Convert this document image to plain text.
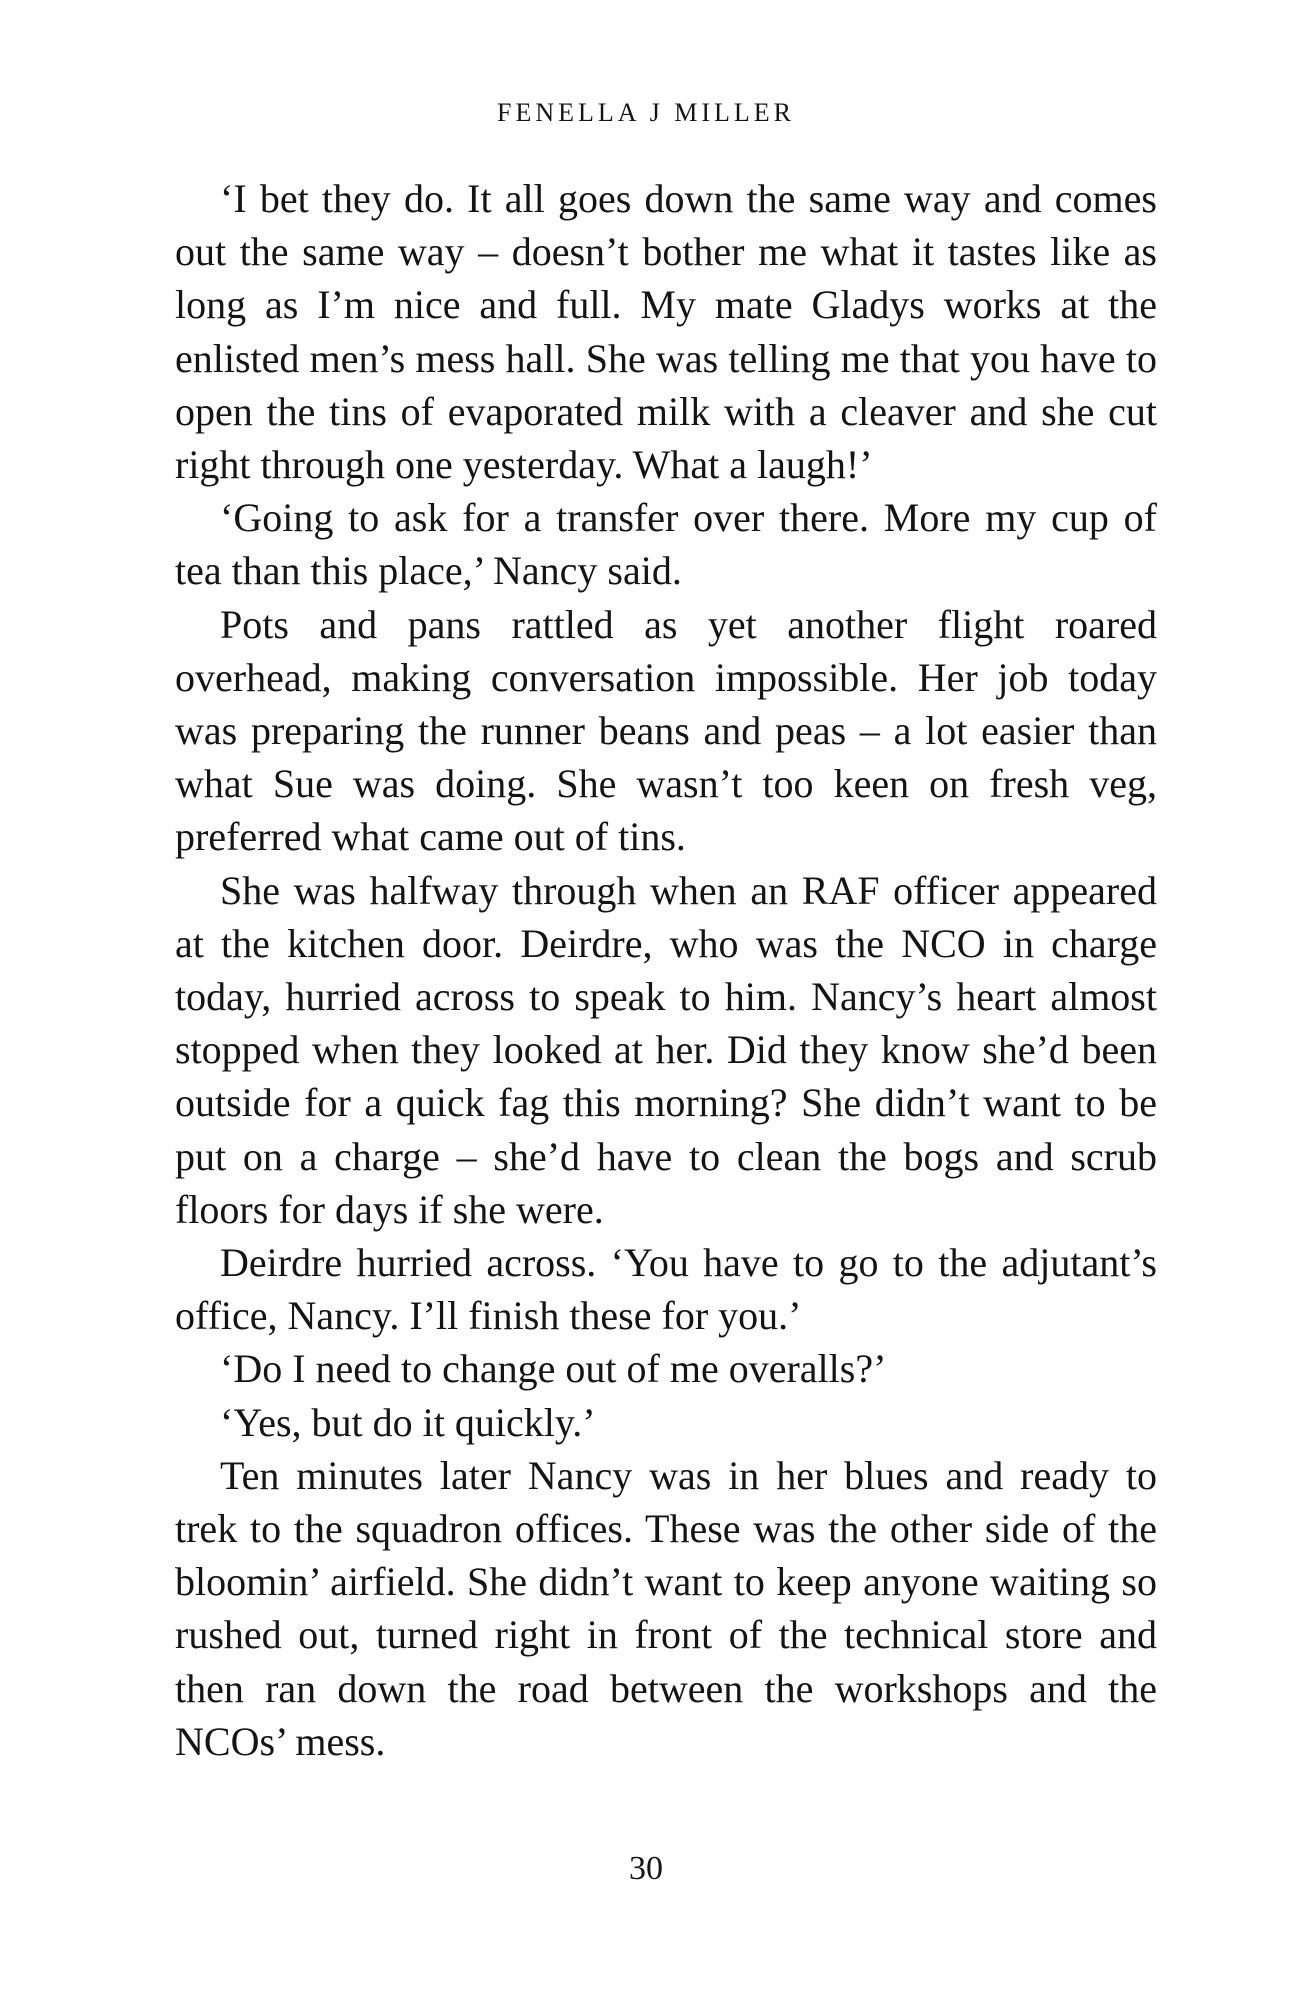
FENELLA J MILLER

‘I bet they do. It all goes down the same way and comes out the same way – doesn’t bother me what it tastes like as long as I’m nice and full. My mate Gladys works at the enlisted men’s mess hall. She was telling me that you have to open the tins of evaporated milk with a cleaver and she cut right through one yesterday. What a laugh!’

‘Going to ask for a transfer over there. More my cup of tea than this place,’ Nancy said.

Pots and pans rattled as yet another flight roared overhead, making conversation impossible. Her job today was preparing the runner beans and peas – a lot easier than what Sue was doing. She wasn’t too keen on fresh veg, preferred what came out of tins.

She was halfway through when an RAF officer appeared at the kitchen door. Deirdre, who was the NCO in charge today, hurried across to speak to him. Nancy’s heart almost stopped when they looked at her. Did they know she’d been outside for a quick fag this morning? She didn’t want to be put on a charge – she’d have to clean the bogs and scrub floors for days if she were.

Deirdre hurried across. ‘You have to go to the adjutant’s office, Nancy. I’ll finish these for you.’

‘Do I need to change out of me overalls?’

‘Yes, but do it quickly.’

Ten minutes later Nancy was in her blues and ready to trek to the squadron offices. These was the other side of the bloomin’ airfield. She didn’t want to keep anyone waiting so rushed out, turned right in front of the technical store and then ran down the road between the workshops and the NCOs’ mess.

30
